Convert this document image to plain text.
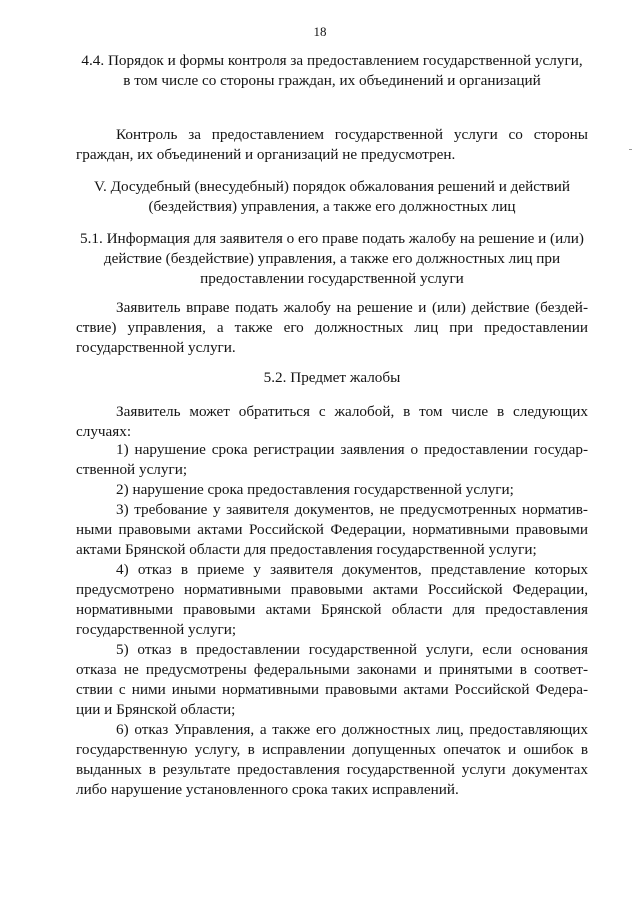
18
4.4. Порядок и формы контроля за предоставлением государственной услуги, в том числе со стороны граждан, их объединений и организаций

Контроль за предоставлением государственной услуги со стороны граждан, их объединений и организаций не предусмотрен.

V. Досудебный (внесудебный) порядок обжалования решений и действий (бездействия) управления, а также его должностных лиц
5.1. Информация для заявителя о его праве подать жалобу на решение и (или) действие (бездействие) управления, а также его должностных лиц при предоставлении государственной услуги

Заявитель вправе подать жалобу на решение и (или) действие (бездей-ствие) управления, а также его должностных лиц при предоставлении государственной услуги.

5.2. Предмет жалобы

Заявитель может обратиться с жалобой, в том числе в следующих случаях:

1) нарушение срока регистрации заявления о предоставлении государ-ственной услуги;

2) нарушение срока предоставления государственной услуги;

3) требование у заявителя документов, не предусмотренных норматив-ными правовыми актами Российской Федерации, нормативными правовыми актами Брянской области для предоставления государственной услуги;

4) отказ в приеме у заявителя документов, представление которых предусмотрено нормативными правовыми актами Российской Федерации, нормативными правовыми актами Брянской области для предоставления государственной услуги;

5) отказ в предоставлении государственной услуги, если основания отказа не предусмотрены федеральными законами и принятыми в соответ-ствии с ними иными нормативными правовыми актами Российской Федера-ции и Брянской области;

6) отказ Управления, а также его должностных лиц, предоставляющих государственную услугу, в исправлении допущенных опечаток и ошибок в выданных в результате предоставления государственной услуги документах либо нарушение установленного срока таких исправлений.
